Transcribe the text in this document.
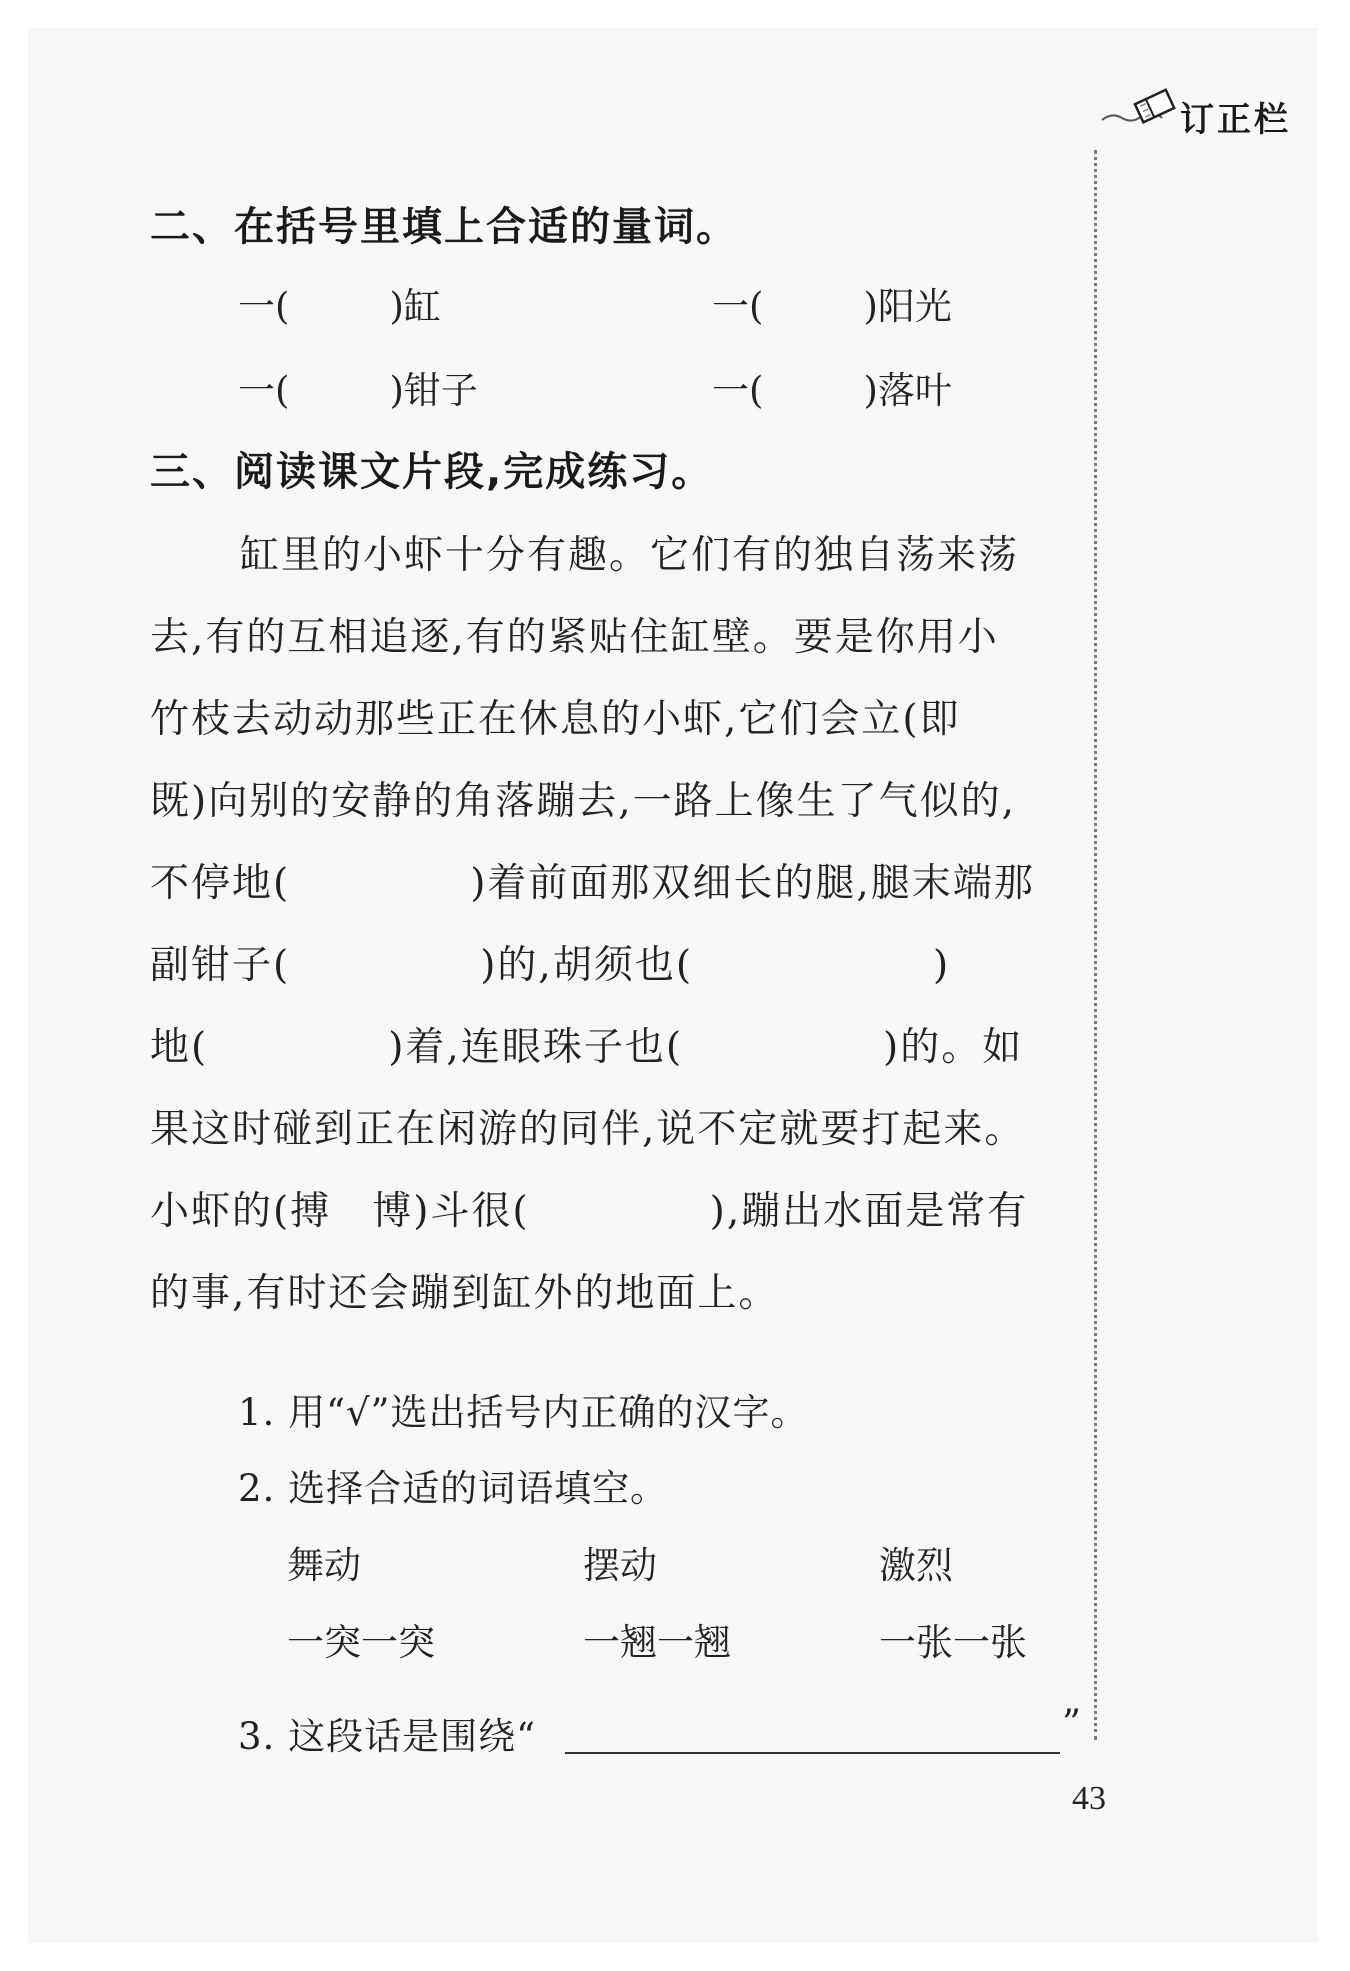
订正栏
二、在括号里填上合适的量词。
一(	)缸	一(	)阳光
一(	)钳子	一(	)落叶
三、阅读课文片段,完成练习。
缸里的小虾十分有趣。它们有的独自荡来荡
去,有的互相追逐,有的紧贴住缸壁。要是你用小
竹枝去动动那些正在休息的小虾,它们会立(即
既)向别的安静的角落蹦去,一路上像生了气似的,
不停地(	)着前面那双细长的腿,腿末端那
副钳子(	)的,胡须也(	)
地(	)着,连眼珠子也(	)的。如
果这时碰到正在闲游的同伴,说不定就要打起来。
小虾的(搏　博)斗很(	),蹦出水面是常有
的事,有时还会蹦到缸外的地面上。
1. 用“√”选出括号内正确的汉字。
2. 选择合适的词语填空。
舞动	摆动	激烈
一突一突	一翘一翘	一张一张
3. 这段话是围绕“	”
43
